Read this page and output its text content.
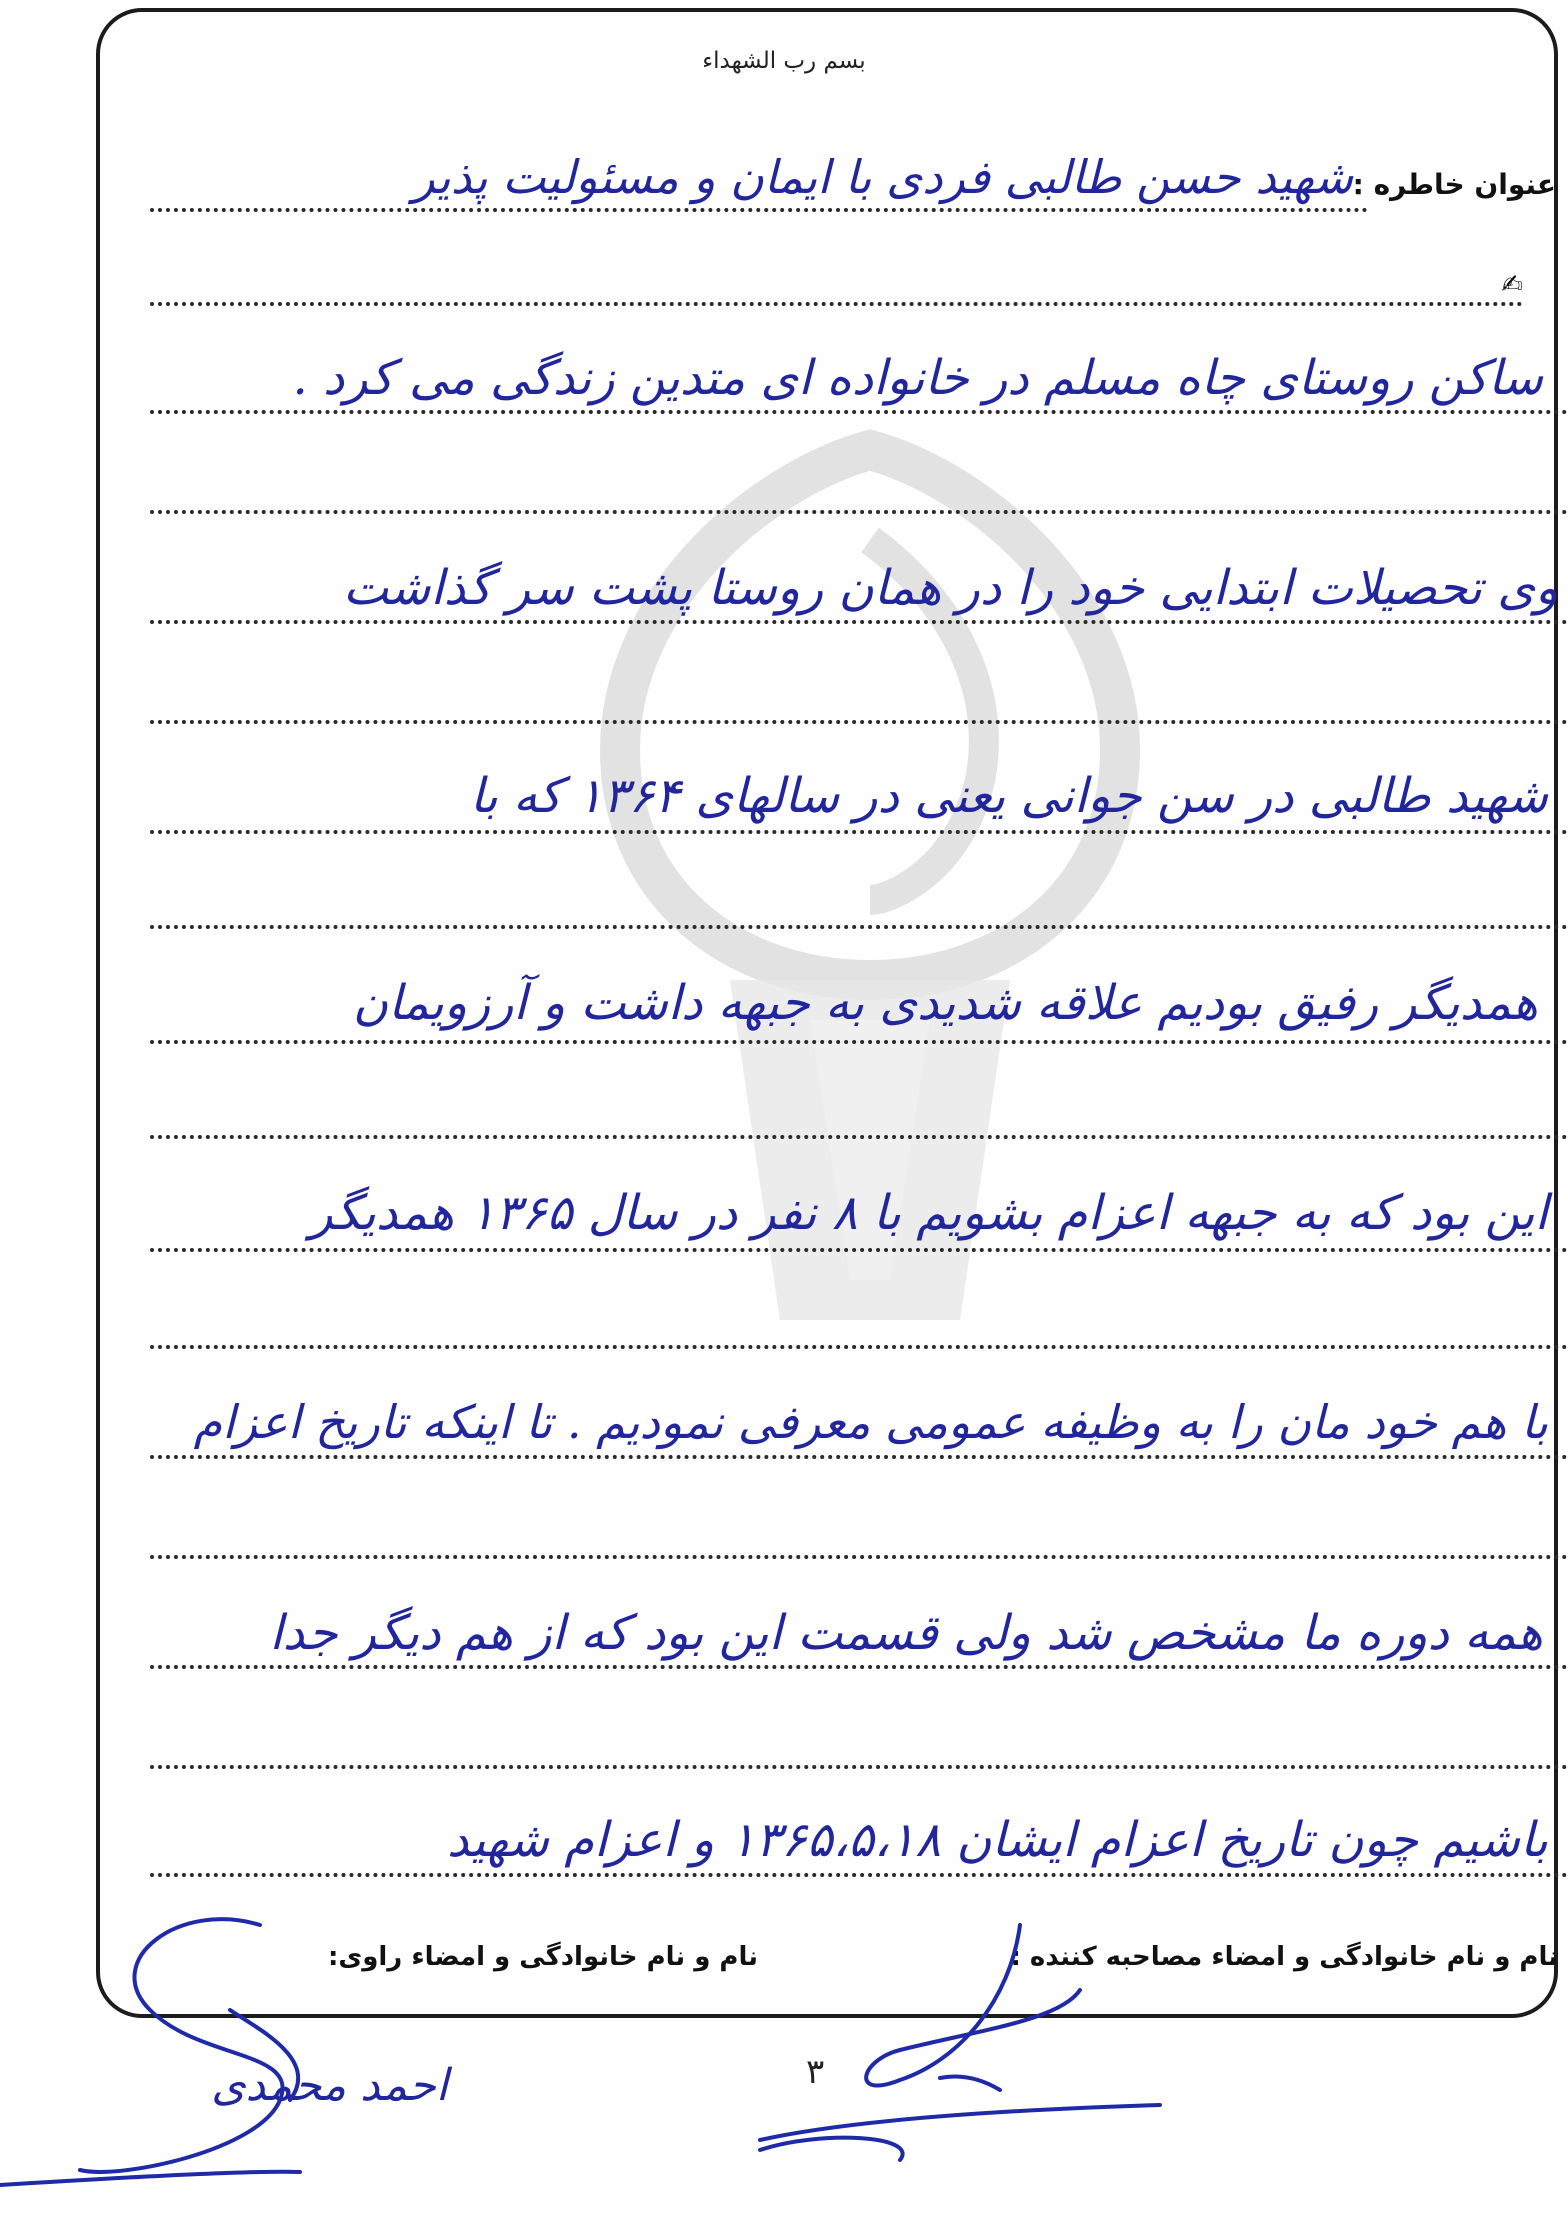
بسم رب الشهداء
عنوان خاطره :
شهید حسن طالبی فردی با ایمان و مسئولیت پذیر
✍
ساکن روستای چاه مسلم در خانواده ای متدین زندگی می کرد .
وی تحصیلات ابتدایی خود را در همان روستا پشت سر گذاشت
شهید طالبی در سن جوانی یعنی در سالهای ۱۳۶۴ که با
همدیگر رفیق بودیم علاقه شدیدی به جبهه داشت و آرزویمان
این بود که به جبهه اعزام بشویم با ۸ نفر در سال ۱۳۶۵ همدیگر
با هم خود مان را به وظیفه عمومی معرفی نمودیم . تا اینکه تاریخ اعزام
همه دوره ما مشخص شد ولی قسمت این بود که از هم دیگر جدا
باشیم چون تاریخ اعزام ایشان ۱۳۶۵،۵،۱۸ و اعزام شهید
نام و نام خانوادگی و امضاء مصاحبه کننده :
نام و نام خانوادگی و امضاء راوی:
احمد محمدی	۳
